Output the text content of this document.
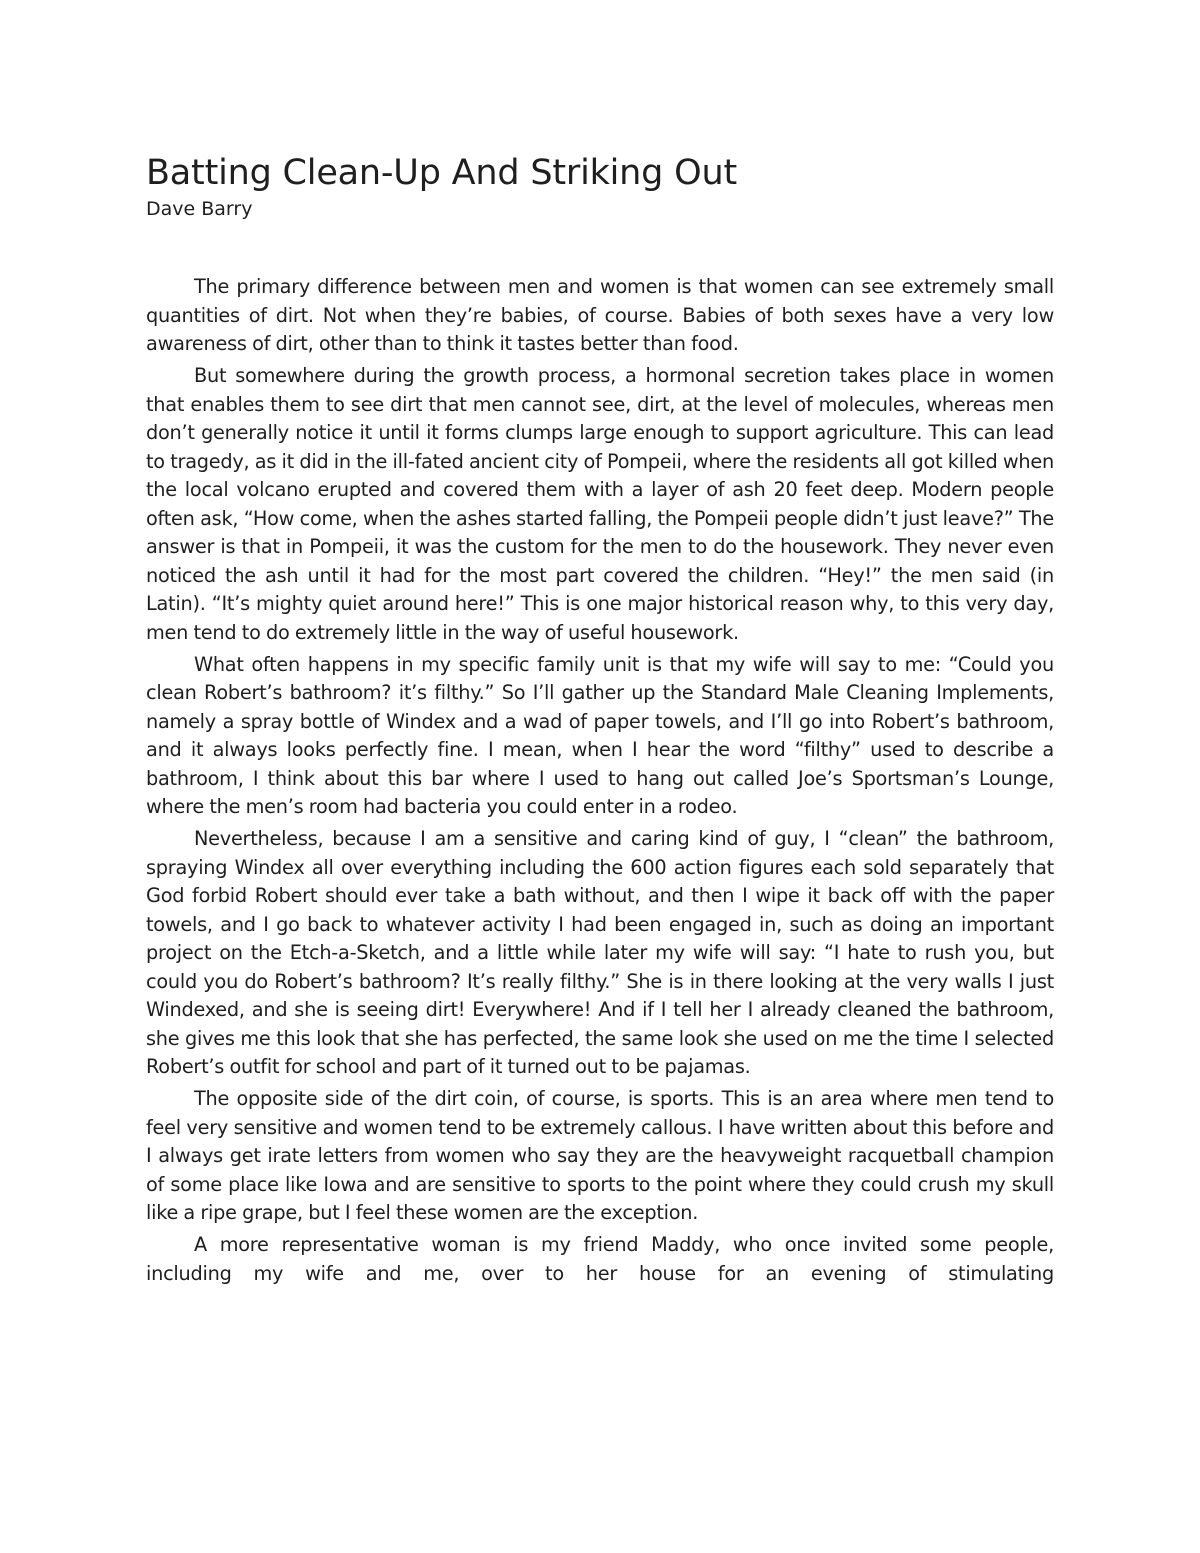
Batting Clean-Up And Striking Out
Dave Barry

The primary difference between men and women is that women can see extremely small quantities of dirt. Not when they’re babies, of course. Babies of both sexes have a very low awareness of dirt, other than to think it tastes better than food.

But somewhere during the growth process, a hormonal secretion takes place in women that enables them to see dirt that men cannot see, dirt, at the level of molecules, whereas men don’t generally notice it until it forms clumps large enough to support agriculture. This can lead to tragedy, as it did in the ill-fated ancient city of Pompeii, where the residents all got killed when the local volcano erupted and covered them with a layer of ash 20 feet deep. Modern people often ask, “How come, when the ashes started falling, the Pompeii people didn’t just leave?” The answer is that in Pompeii, it was the custom for the men to do the housework. They never even noticed the ash until it had for the most part covered the children. “Hey!” the men said (in Latin). “It’s mighty quiet around here!” This is one major historical reason why, to this very day, men tend to do extremely little in the way of useful housework.

What often happens in my specific family unit is that my wife will say to me: “Could you clean Robert’s bathroom? it’s filthy.” So I’ll gather up the Standard Male Cleaning Implements, namely a spray bottle of Windex and a wad of paper towels, and I’ll go into Robert’s bathroom, and it always looks perfectly fine. I mean, when I hear the word “filthy” used to describe a bathroom, I think about this bar where I used to hang out called Joe’s Sportsman’s Lounge, where the men’s room had bacteria you could enter in a rodeo.

Nevertheless, because I am a sensitive and caring kind of guy, I “clean” the bathroom, spraying Windex all over everything including the 600 action figures each sold separately that God forbid Robert should ever take a bath without, and then I wipe it back off with the paper towels, and I go back to whatever activity I had been engaged in, such as doing an important project on the Etch-a-Sketch, and a little while later my wife will say: “I hate to rush you, but could you do Robert’s bathroom? It’s really filthy.” She is in there looking at the very walls I just Windexed, and she is seeing dirt! Everywhere! And if I tell her I already cleaned the bathroom, she gives me this look that she has perfected, the same look she used on me the time I selected Robert’s outfit for school and part of it turned out to be pajamas.

The opposite side of the dirt coin, of course, is sports. This is an area where men tend to feel very sensitive and women tend to be extremely callous. I have written about this before and I always get irate letters from women who say they are the heavyweight racquetball champion of some place like Iowa and are sensitive to sports to the point where they could crush my skull like a ripe grape, but I feel these women are the exception.

A more representative woman is my friend Maddy, who once invited some people, including my wife and me, over to her house for an evening of stimulating
